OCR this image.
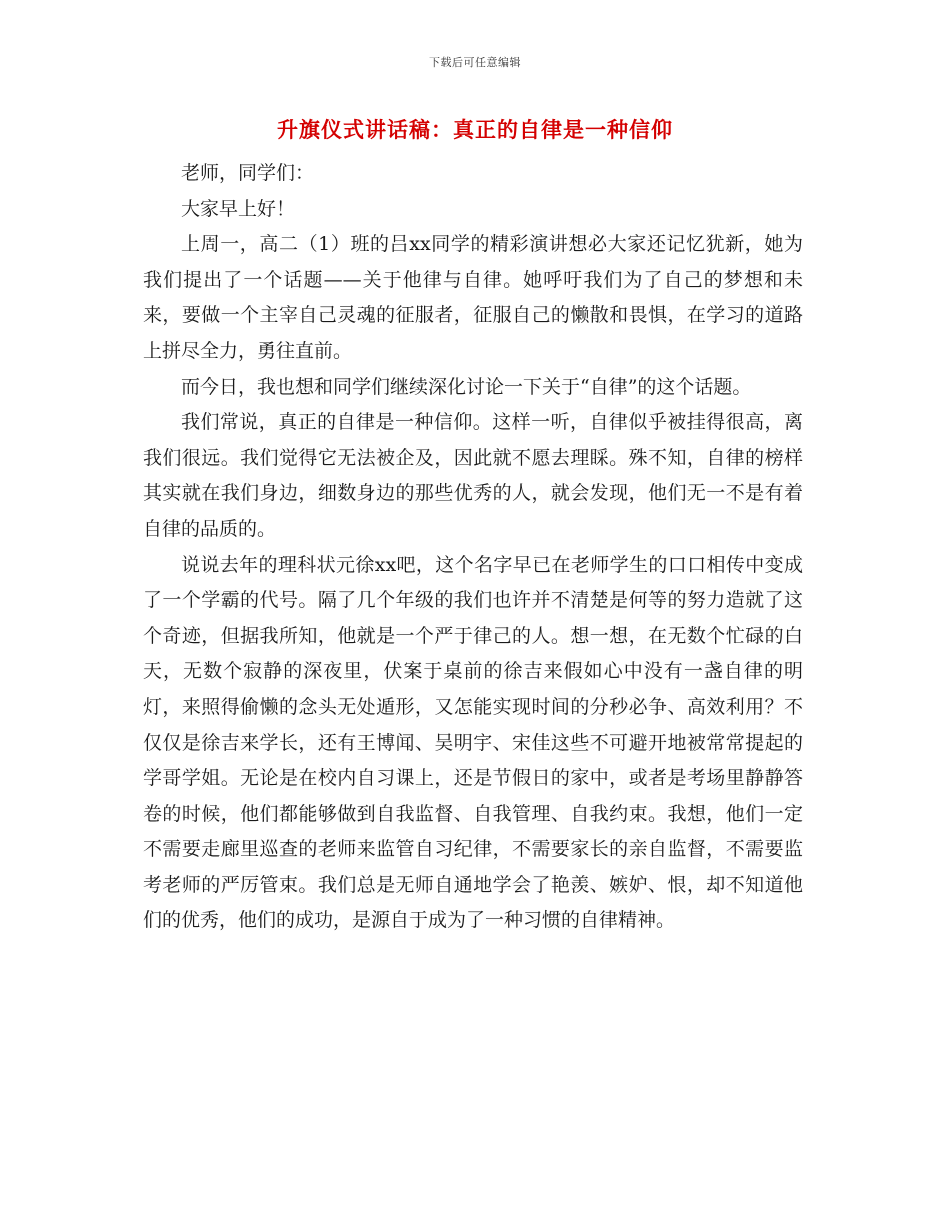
下载后可任意编辑
升旗仪式讲话稿：真正的自律是一种信仰

老师，同学们：

大家早上好！

上周一，高二（1）班的吕xx同学的精彩演讲想必大家还记忆犹新，她为我们提出了一个话题——关于他律与自律。她呼吁我们为了自己的梦想和未来，要做一个主宰自己灵魂的征服者，征服自己的懒散和畏惧，在学习的道路上拼尽全力，勇往直前。

而今日，我也想和同学们继续深化讨论一下关于“自律”的这个话题。

我们常说，真正的自律是一种信仰。这样一听，自律似乎被挂得很高，离我们很远。我们觉得它无法被企及，因此就不愿去理睬。殊不知，自律的榜样其实就在我们身边，细数身边的那些优秀的人，就会发现，他们无一不是有着自律的品质的。

说说去年的理科状元徐xx吧，这个名字早已在老师学生的口口相传中变成了一个学霸的代号。隔了几个年级的我们也许并不清楚是何等的努力造就了这个奇迹，但据我所知，他就是一个严于律己的人。想一想，在无数个忙碌的白天，无数个寂静的深夜里，伏案于桌前的徐吉来假如心中没有一盏自律的明灯，来照得偷懒的念头无处遁形，又怎能实现时间的分秒必争、高效利用？不仅仅是徐吉来学长，还有王博闻、吴明宇、宋佳这些不可避开地被常常提起的学哥学姐。无论是在校内自习课上，还是节假日的家中，或者是考场里静静答卷的时候，他们都能够做到自我监督、自我管理、自我约束。我想，他们一定不需要走廊里巡查的老师来监管自习纪律，不需要家长的亲自监督，不需要监考老师的严厉管束。我们总是无师自通地学会了艳羡、嫉妒、恨，却不知道他们的优秀，他们的成功，是源自于成为了一种习惯的自律精神。
